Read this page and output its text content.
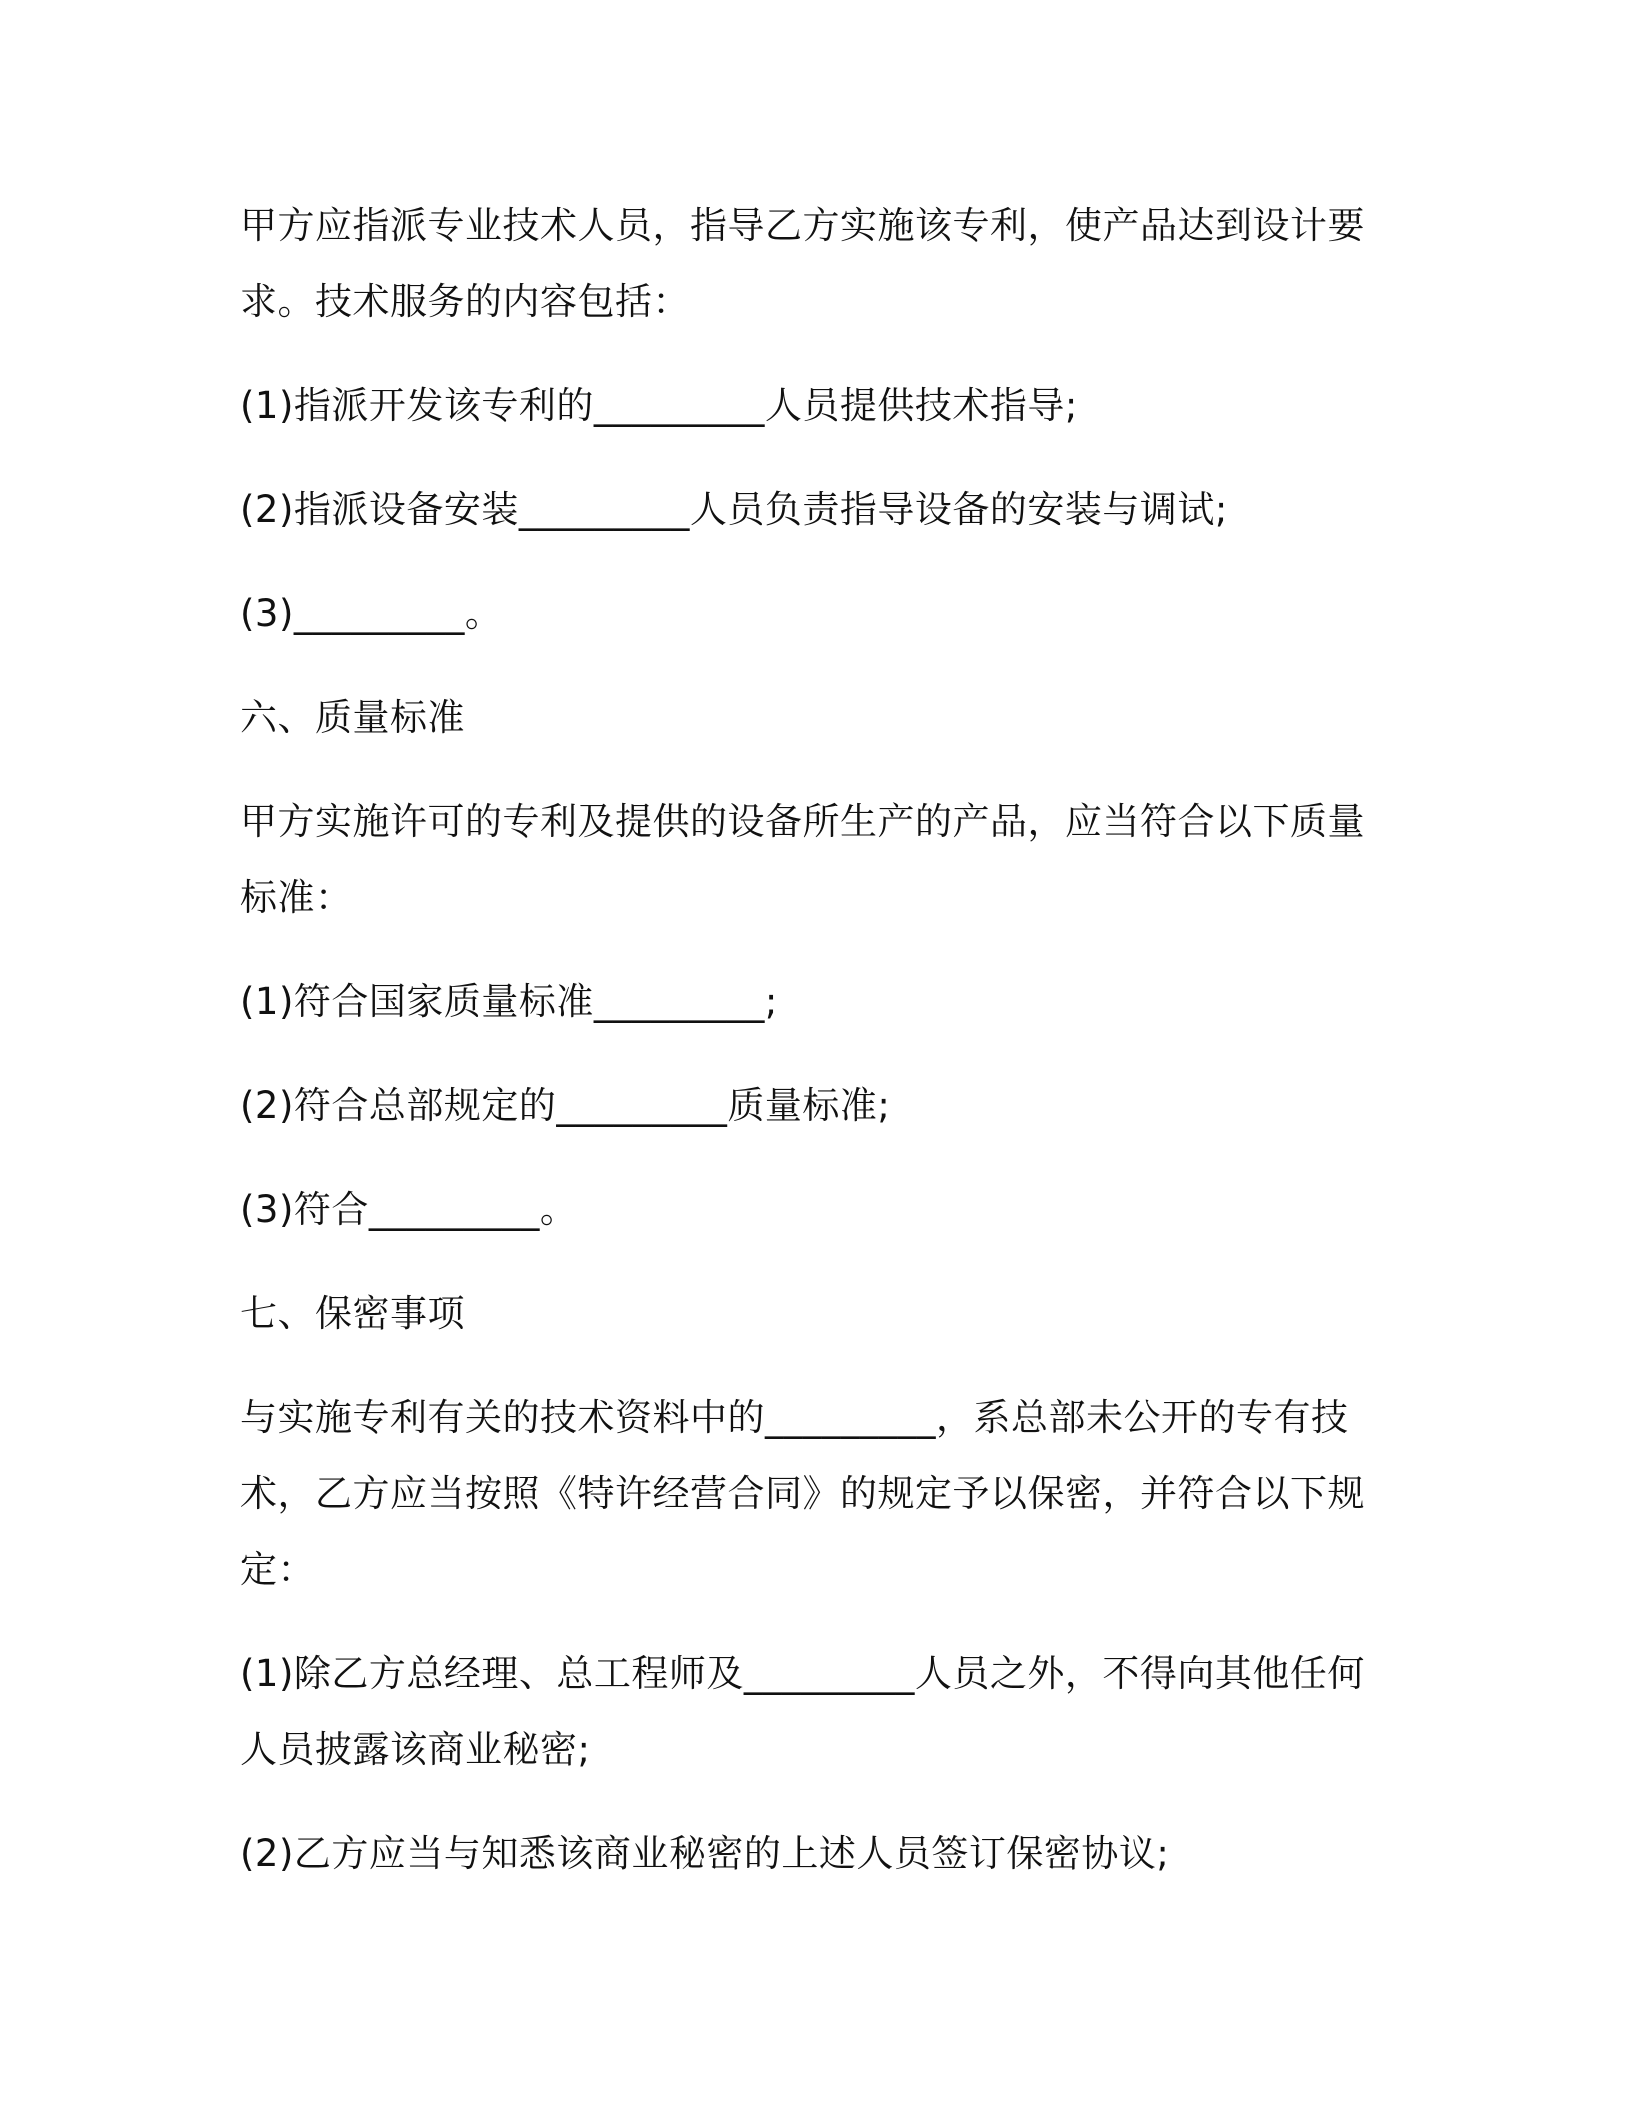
甲方应指派专业技术人员，指导乙方实施该专利，使产品达到设计要求。技术服务的内容包括：

(1)指派开发该专利的_________人员提供技术指导;

(2)指派设备安装_________人员负责指导设备的安装与调试;

(3)_________。

六、质量标准

甲方实施许可的专利及提供的设备所生产的产品，应当符合以下质量标准：

(1)符合国家质量标准_________;

(2)符合总部规定的_________质量标准;

(3)符合_________。

七、保密事项

与实施专利有关的技术资料中的_________，系总部未公开的专有技术，乙方应当按照《特许经营合同》的规定予以保密，并符合以下规定：

(1)除乙方总经理、总工程师及_________人员之外，不得向其他任何人员披露该商业秘密;

(2)乙方应当与知悉该商业秘密的上述人员签订保密协议;
